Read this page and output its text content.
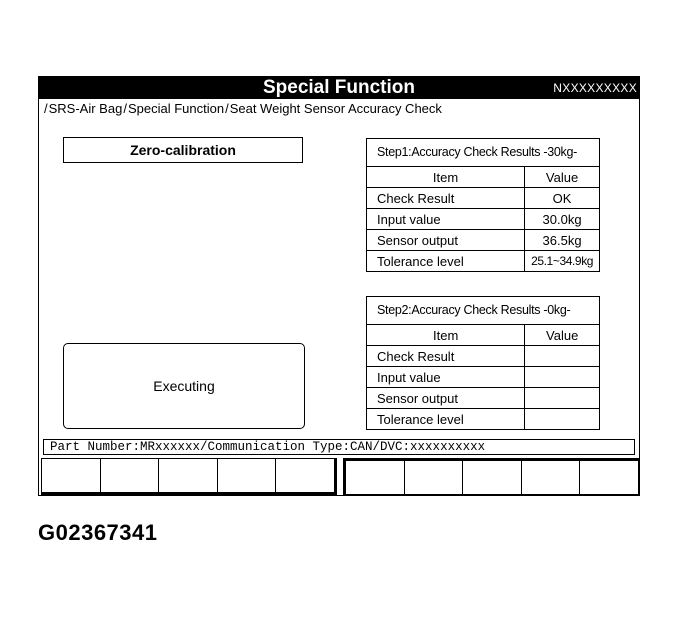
Special Function	NXXXXXXXXX
/SRS-Air Bag/Special Function/Seat Weight Sensor Accuracy Check
Zero-calibration
Executing
Step1:Accuracy Check Results -30kg-
Item	Value
Check Result	OK
Input value	30.0kg
Sensor output	36.5kg
Tolerance level	25.1~34.9kg
Step2:Accuracy Check Results -0kg-
Item	Value
Check Result	
Input value	
Sensor output	
Tolerance level	
Part Number:MRxxxxxx/Communication Type:CAN/DVC:xxxxxxxxxx
G02367341
